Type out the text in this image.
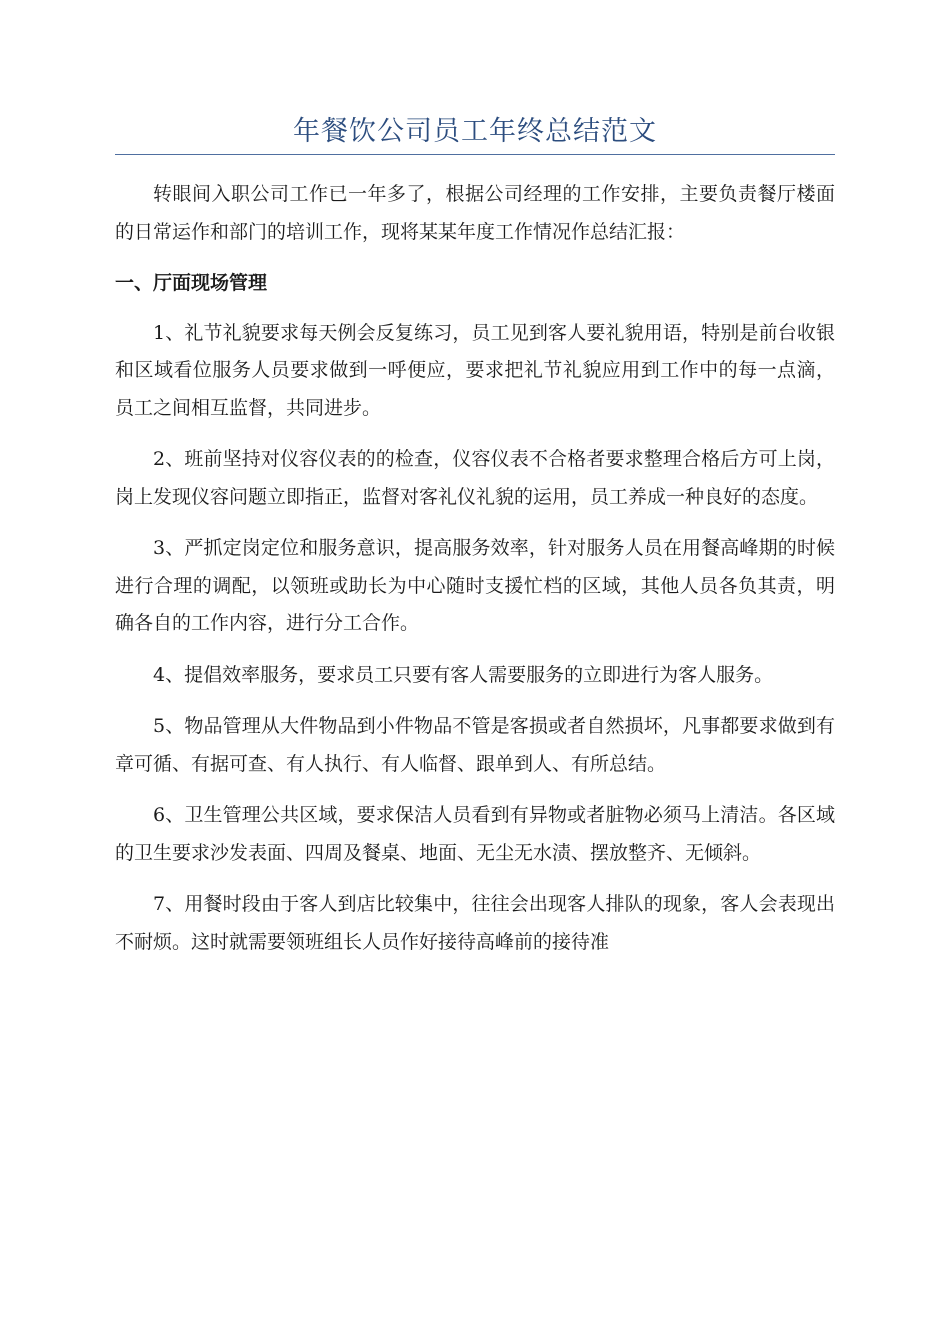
年餐饮公司员工年终总结范文

转眼间入职公司工作已一年多了，根据公司经理的工作安排，主要负责餐厅楼面的日常运作和部门的培训工作，现将某某年度工作情况作总结汇报：

一、厅面现场管理

1、礼节礼貌要求每天例会反复练习，员工见到客人要礼貌用语，特别是前台收银和区域看位服务人员要求做到一呼便应，要求把礼节礼貌应用到工作中的每一点滴，员工之间相互监督，共同进步。

2、班前坚持对仪容仪表的的检查，仪容仪表不合格者要求整理合格后方可上岗，岗上发现仪容问题立即指正，监督对客礼仪礼貌的运用，员工养成一种良好的态度。

3、严抓定岗定位和服务意识，提高服务效率，针对服务人员在用餐高峰期的时候进行合理的调配，以领班或助长为中心随时支援忙档的区域，其他人员各负其责，明确各自的工作内容，进行分工合作。

4、提倡效率服务，要求员工只要有客人需要服务的立即进行为客人服务。

5、物品管理从大件物品到小件物品不管是客损或者自然损坏，凡事都要求做到有章可循、有据可查、有人执行、有人临督、跟单到人、有所总结。

6、卫生管理公共区域，要求保洁人员看到有异物或者脏物必须马上清洁。各区域的卫生要求沙发表面、四周及餐桌、地面、无尘无水渍、摆放整齐、无倾斜。

7、用餐时段由于客人到店比较集中，往往会出现客人排队的现象，客人会表现出不耐烦。这时就需要领班组长人员作好接待高峰前的接待准
